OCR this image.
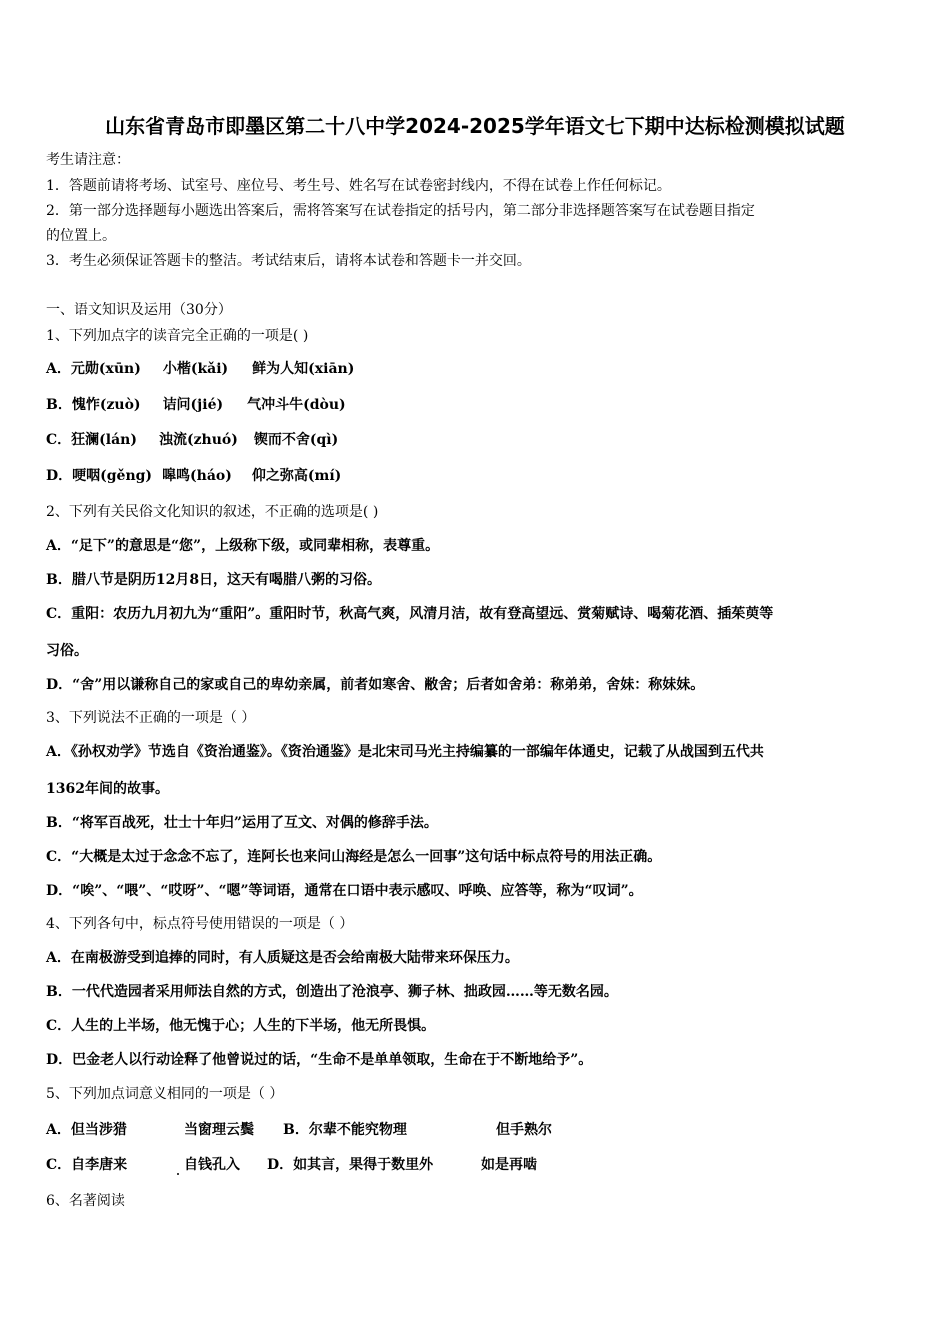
山东省青岛市即墨区第二十八中学2024-2025学年语文七下期中达标检测模拟试题
考生请注意：
1．答题前请将考场、试室号、座位号、考生号、姓名写在试卷密封线内，不得在试卷上作任何标记。
2．第一部分选择题每小题选出答案后，需将答案写在试卷指定的括号内，第二部分非选择题答案写在试卷题目指定
的位置上。
3．考生必须保证答题卡的整洁。考试结束后，请将本试卷和答题卡一并交回。
一、语文知识及运用（30分）
1、下列加点字的读音完全正确的一项是( )
A．元勋(xūn) 小楷(kǎi) 鲜为人知(xiān)
B．愧怍(zuò) 诘问(jié) 气冲斗牛(dòu)
C．狂澜(lán) 浊流(zhuó) 锲而不舍(qì)
D．哽咽(gěng) 嗥鸣(háo) 仰之弥高(mí)
2、下列有关民俗文化知识的叙述，不正确的选项是( )
A．“足下”的意思是“您”，上级称下级，或同辈相称，表尊重。
B．腊八节是阴历12月8日，这天有喝腊八粥的习俗。
C．重阳：农历九月初九为“重阳”。重阳时节，秋高气爽，风清月洁，故有登高望远、赏菊赋诗、喝菊花酒、插茱萸等
习俗。
D．“舍”用以谦称自己的家或自己的卑幼亲属，前者如寒舍、敝舍；后者如舍弟：称弟弟，舍妹：称妹妹。
3、下列说法不正确的一项是（ ）
A．《孙权劝学》节选自《资治通鉴》。《资治通鉴》是北宋司马光主持编纂的一部编年体通史，记载了从战国到五代共
1362年间的故事。
B．“将军百战死，壮士十年归”运用了互文、对偶的修辞手法。
C．“大概是太过于念念不忘了，连阿长也来问山海经是怎么一回事”这句话中标点符号的用法正确。
D．“唉”、“喂”、“哎呀”、“嗯”等词语，通常在口语中表示感叹、呼唤、应答等，称为“叹词”。
4、下列各句中，标点符号使用错误的一项是（ ）
A．在南极游受到追捧的同时，有人质疑这是否会给南极大陆带来环保压力。
B．一代代造园者采用师法自然的方式，创造出了沧浪亭、狮子林、拙政园……等无数名园。
C．人生的上半场，他无愧于心；人生的下半场，他无所畏惧。
D．巴金老人以行动诠释了他曾说过的话，“生命不是单单领取，生命在于不断地给予”。
5、下列加点词意义相同的一项是（ ）
A．但当涉猎	当窗理云鬓 B．尔辈不能究物理	但手熟尔
C．自李唐来	自钱孔入 D．如其言，果得于数里外	如是再啮
6、名著阅读
